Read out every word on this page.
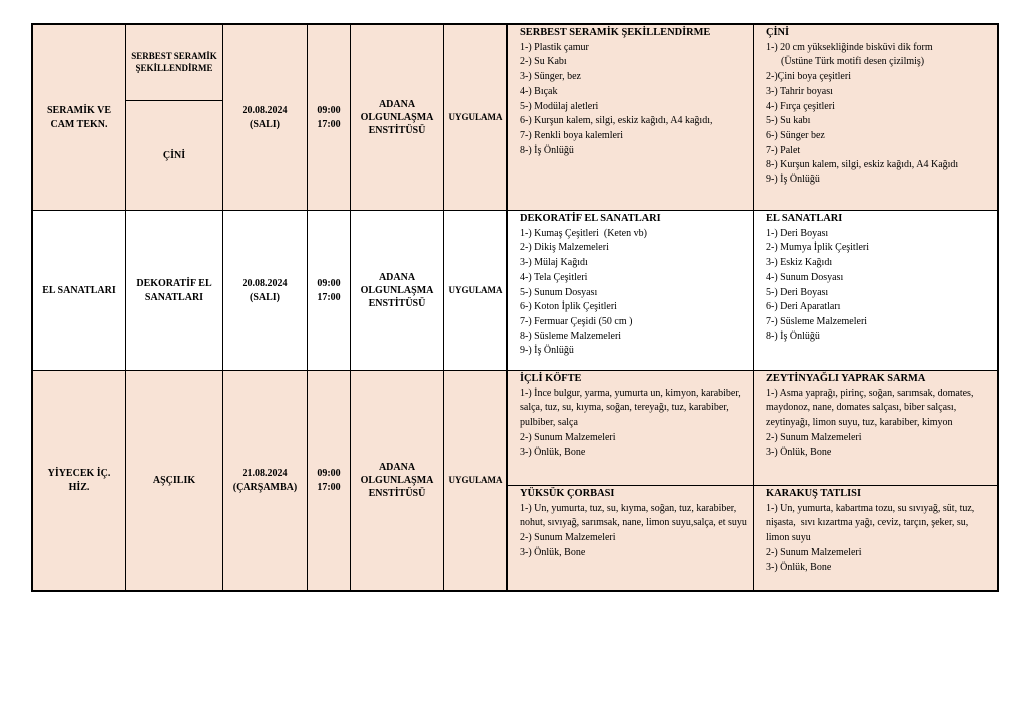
SERAMİK VE CAM TEKN.
SERBEST SERAMİK ŞEKİLLENDİRME
ÇİNİ
20.08.2024
(SALI)
09:00
17:00
ADANA
OLGUNLAŞMA
ENSTİTÜSÜ
UYGULAMA
SERBEST SERAMİK ŞEKİLLENDİRME
1-) Plastik çamur
2-) Su Kabı
3-) Sünger, bez
4-) Bıçak
5-) Modülaj aletleri
6-) Kurşun kalem, silgi, eskiz kağıdı, A4 kağıdı,
7-) Renkli boya kalemleri
8-) İş Önlüğü
ÇİNİ
1-) 20 cm yüksekliğinde bisküvi dik form
(Üstüne Türk motifi desen çizilmiş)
2-)Çini boya çeşitleri
3-) Tahrir boyası
4-) Fırça çeşitleri
5-) Su kabı
6-) Sünger bez
7-) Palet
8-) Kurşun kalem, silgi, eskiz kağıdı, A4 Kağıdı
9-) İş Önlüğü
EL SANATLARI
DEKORATİF EL SANATLARI
20.08.2024
(SALI)
09:00
17:00
ADANA
OLGUNLAŞMA
ENSTİTÜSÜ
UYGULAMA
DEKORATİF EL SANATLARI
1-) Kumaş Çeşitleri  (Keten vb)
2-) Dikiş Malzemeleri
3-) Mülaj Kağıdı
4-) Tela Çeşitleri
5-) Sunum Dosyası
6-) Koton İplik Çeşitleri
7-) Fermuar Çeşidi (50 cm )
8-) Süsleme Malzemeleri
9-) İş Önlüğü
EL SANATLARI
1-) Deri Boyası
2-) Mumya İplik Çeşitleri
3-) Eskiz Kağıdı
4-) Sunum Dosyası
5-) Deri Boyası
6-) Deri Aparatları
7-) Süsleme Malzemeleri
8-) İş Önlüğü
YİYECEK İÇ.
HİZ.
AŞÇILIK
21.08.2024
(ÇARŞAMBA)
09:00
17:00
ADANA
OLGUNLAŞMA
ENSTİTÜSÜ
UYGULAMA
İÇLİ KÖFTE
1-) İnce bulgur, yarma, yumurta un, kimyon, karabiber, salça, tuz, su, kıyma, soğan, tereyağı, tuz, karabiber, pulbiber, salça
2-) Sunum Malzemeleri
3-) Önlük, Bone
ZEYTİNYAĞLI YAPRAK SARMA
1-) Asma yaprağı, pirinç, soğan, sarımsak, domates, maydonoz, nane, domates salçası, biber salçası, zeytinyağı, limon suyu, tuz, karabiber, kimyon
2-) Sunum Malzemeleri
3-) Önlük, Bone
YÜKSÜK ÇORBASI
1-) Un, yumurta, tuz, su, kıyma, soğan, tuz, karabiber, nohut, sıvıyağ, sarımsak, nane, limon suyu,salça, et suyu
2-) Sunum Malzemeleri
3-) Önlük, Bone
KARAKUŞ TATLISI
1-) Un, yumurta, kabartma tozu, su sıvıyağ, süt, tuz, nişasta,  sıvı kızartma yağı, ceviz, tarçın, şeker, su, limon suyu
2-) Sunum Malzemeleri
3-) Önlük, Bone
